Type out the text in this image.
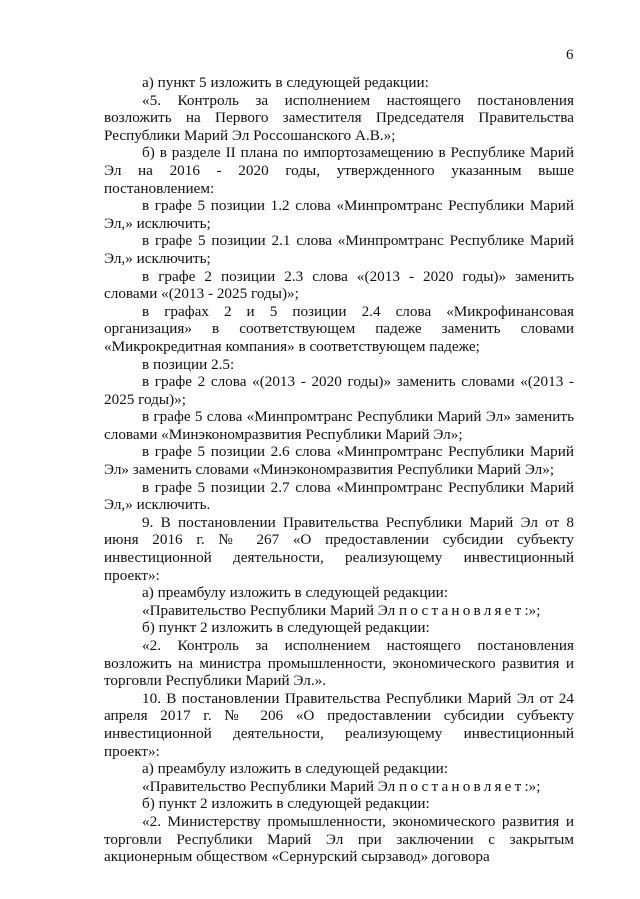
6

а) пункт 5 изложить в следующей редакции:

«5. Контроль за исполнением настоящего постановления возложить на Первого заместителя Председателя Правительства Республики Марий Эл Россошанского А.В.»;

б) в разделе II плана по импортозамещению в Республике Марий Эл на 2016 - 2020 годы, утвержденного указанным выше постановлением:

в графе 5 позиции 1.2 слова «Минпромтранс Республики Марий Эл,» исключить;

в графе 5 позиции 2.1 слова «Минпромтранс Республике Марий Эл,» исключить;

в графе 2 позиции 2.3 слова «(2013 - 2020 годы)» заменить словами «(2013 - 2025 годы)»;

в графах 2 и 5 позиции 2.4 слова «Микрофинансовая организация» в соответствующем падеже заменить словами «Микрокредитная компания» в соответствующем падеже;

в позиции 2.5:

в графе 2 слова «(2013 - 2020 годы)» заменить словами «(2013 - 2025 годы)»;

в графе 5 слова «Минпромтранс Республики Марий Эл» заменить словами «Минэкономразвития Республики Марий Эл»;

в графе 5 позиции 2.6 слова «Минпромтранс Республики Марий Эл» заменить словами «Минэкономразвития Республики Марий Эл»;

в графе 5 позиции 2.7 слова «Минпромтранс Республики Марий Эл,» исключить.

9. В постановлении Правительства Республики Марий Эл от 8 июня 2016 г. № 267 «О предоставлении субсидии субъекту инвестиционной деятельности, реализующему инвестиционный проект»:

а) преамбулу изложить в следующей редакции:

«Правительство Республики Марий Эл постановляет:»;

б) пункт 2 изложить в следующей редакции:

«2. Контроль за исполнением настоящего постановления возложить на министра промышленности, экономического развития и торговли Республики Марий Эл.».

10. В постановлении Правительства Республики Марий Эл от 24 апреля 2017 г. № 206 «О предоставлении субсидии субъекту инвестиционной деятельности, реализующему инвестиционный проект»:

а) преамбулу изложить в следующей редакции:

«Правительство Республики Марий Эл постановляет:»;

б) пункт 2 изложить в следующей редакции:

«2. Министерству промышленности, экономического развития и торговли Республики Марий Эл при заключении с закрытым акционерным обществом «Сернурский сырзавод» договора
